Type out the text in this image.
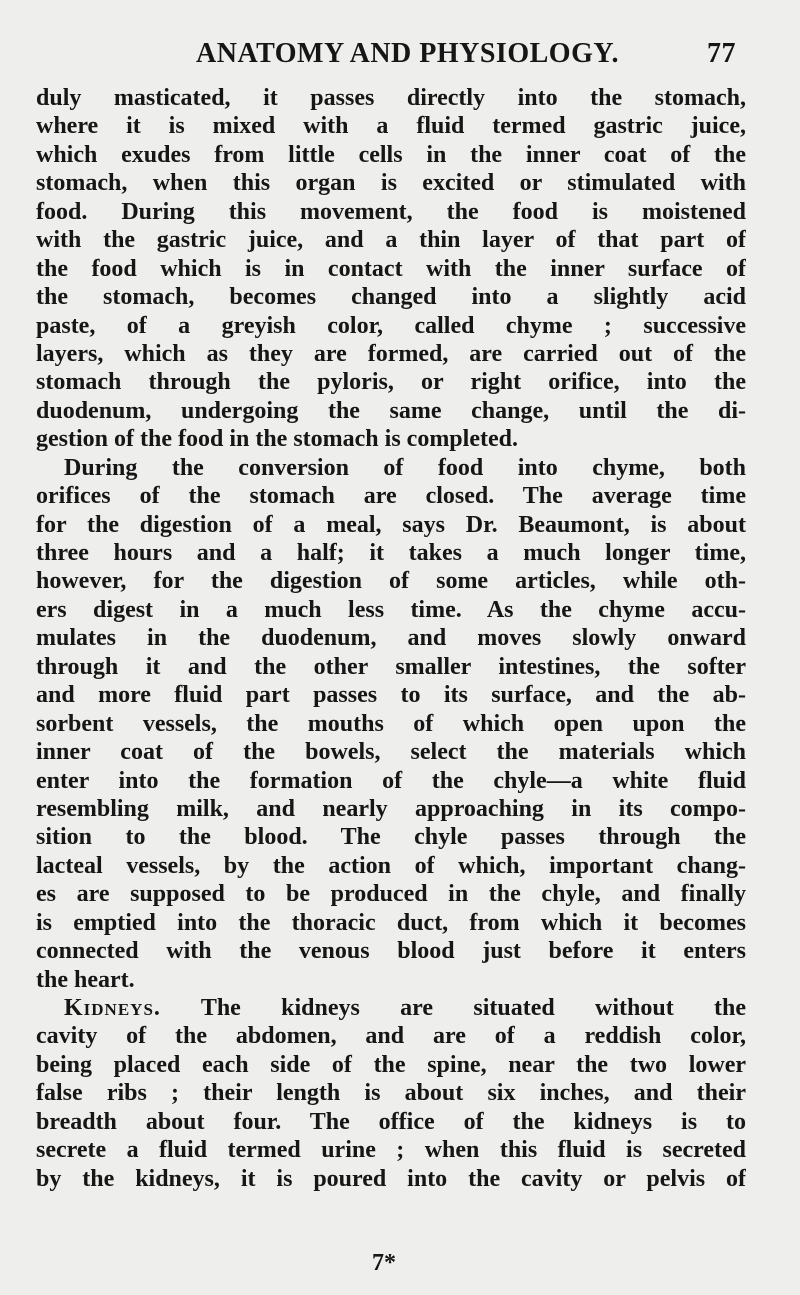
ANATOMY AND PHYSIOLOGY.	77
duly masticated, it passes directly into the stomach,
where it is mixed with a fluid termed gastric juice,
which exudes from little cells in the inner coat of the
stomach, when this organ is excited or stimulated with
food. During this movement, the food is moistened
with the gastric juice, and a thin layer of that part of
the food which is in contact with the inner surface of
the stomach, becomes changed into a slightly acid
paste, of a greyish color, called chyme ; successive
layers, which as they are formed, are carried out of the
stomach through the pyloris, or right orifice, into the
duodenum, undergoing the same change, until the di-
gestion of the food in the stomach is completed.
During the conversion of food into chyme, both
orifices of the stomach are closed. The average time
for the digestion of a meal, says Dr. Beaumont, is about
three hours and a half; it takes a much longer time,
however, for the digestion of some articles, while oth-
ers digest in a much less time. As the chyme accu-
mulates in the duodenum, and moves slowly onward
through it and the other smaller intestines, the softer
and more fluid part passes to its surface, and the ab-
sorbent vessels, the mouths of which open upon the
inner coat of the bowels, select the materials which
enter into the formation of the chyle—a white fluid
resembling milk, and nearly approaching in its compo-
sition to the blood. The chyle passes through the
lacteal vessels, by the action of which, important chang-
es are supposed to be produced in the chyle, and finally
is emptied into the thoracic duct, from which it becomes
connected with the venous blood just before it enters
the heart.
Kidneys. The kidneys are situated without the
cavity of the abdomen, and are of a reddish color,
being placed each side of the spine, near the two lower
false ribs ; their length is about six inches, and their
breadth about four. The office of the kidneys is to
secrete a fluid termed urine ; when this fluid is secreted
by the kidneys, it is poured into the cavity or pelvis of
7*
